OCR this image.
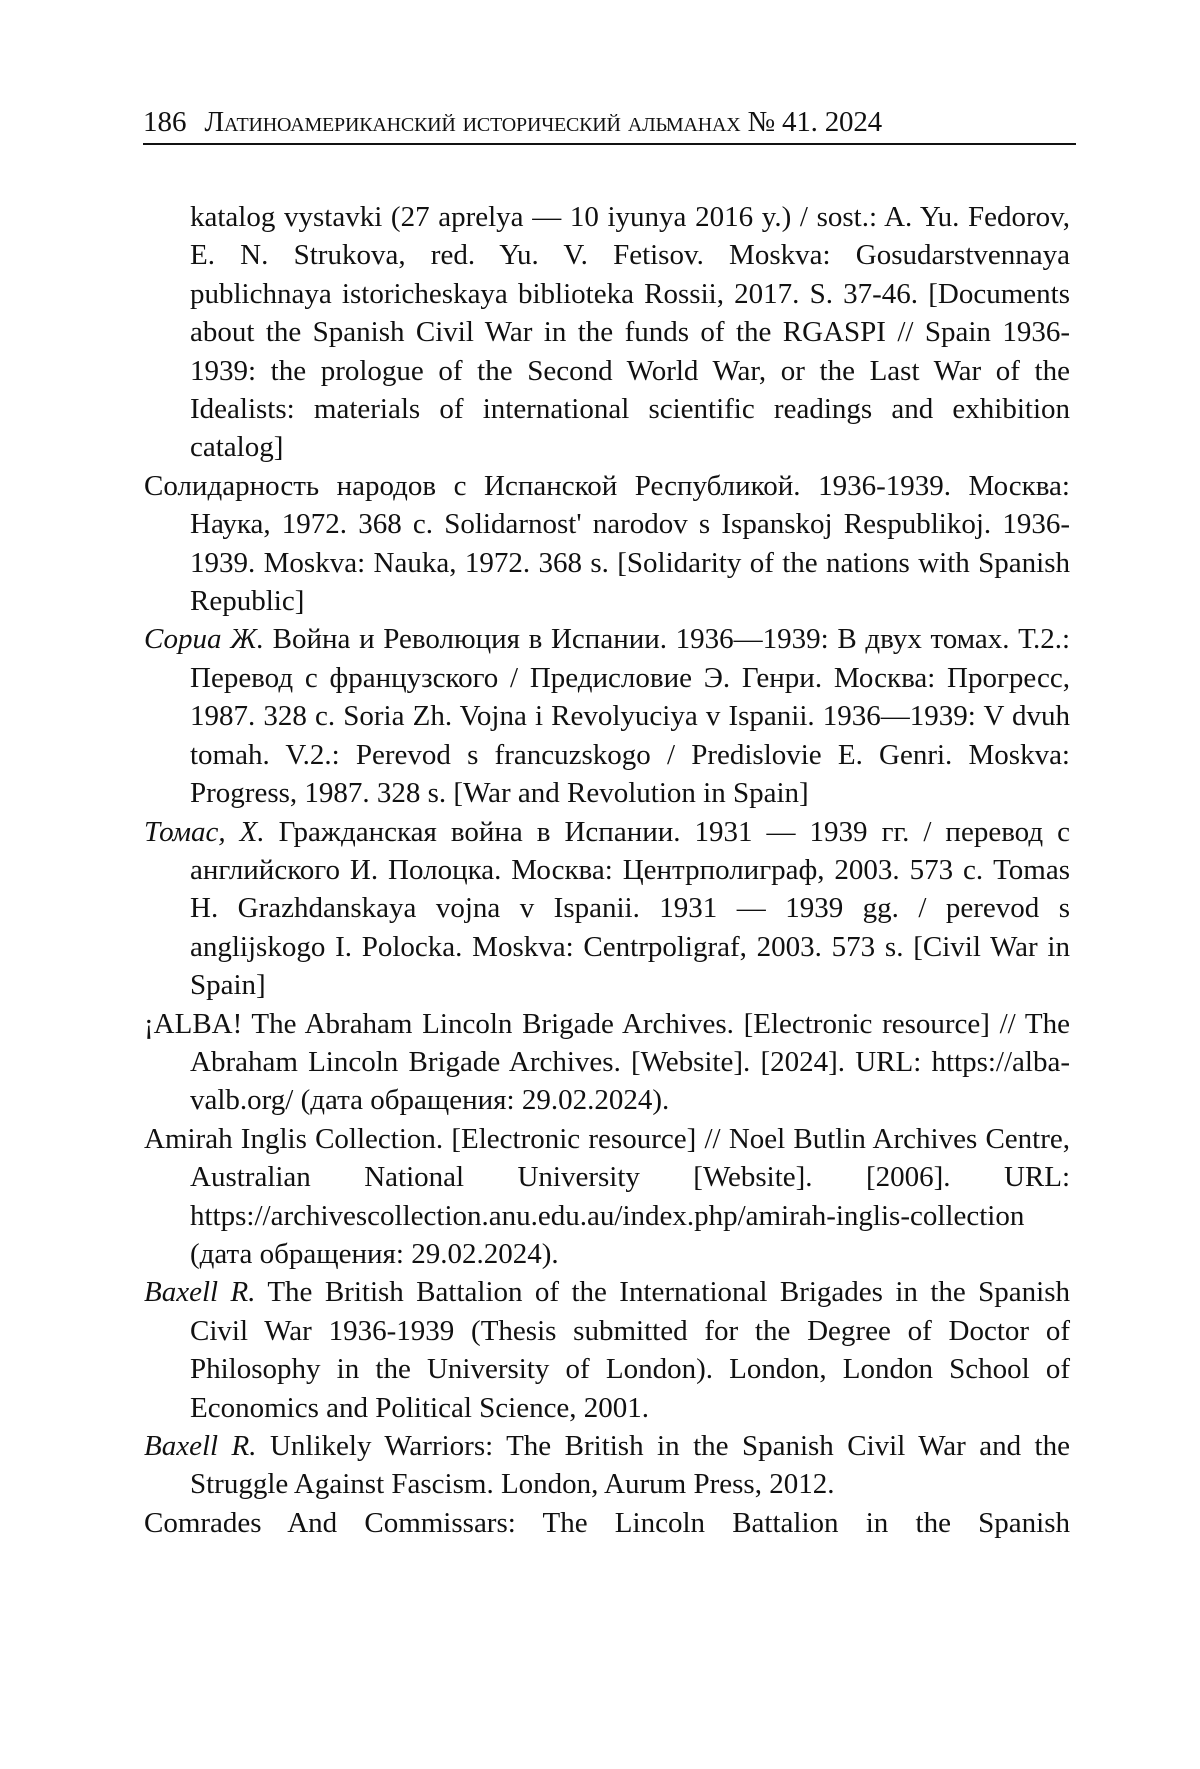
186 Латиноамериканский исторический альманах № 41. 2024

katalog vystavki (27 aprelya — 10 iyunya 2016 y.) / sost.: A. Yu. Fedorov, E. N. Strukova, red. Yu. V. Fetisov. Moskva: Gosudarstvennaya publichnaya istoricheskaya biblioteka Rossii, 2017. S. 37-46. [Documents about the Spanish Civil War in the funds of the RGASPI // Spain 1936-1939: the prologue of the Second World War, or the Last War of the Idealists: materials of international scientific readings and exhibition catalog]

Солидарность народов с Испанской Республикой. 1936-1939. Москва: Наука, 1972. 368 с. Solidarnost' narodov s Ispanskoj Respublikoj. 1936-1939. Moskva: Nauka, 1972. 368 s. [Solidarity of the nations with Spanish Republic]

Сориа Ж. Война и Революция в Испании. 1936—1939: В двух томах. Т.2.: Перевод с французского / Предисловие Э. Генри. Москва: Прогресс, 1987. 328 с. Soria Zh. Vojna i Revolyuciya v Ispanii. 1936—1939: V dvuh tomah. V.2.: Perevod s francuzskogo / Predislovie E. Genri. Moskva: Progress, 1987. 328 s. [War and Revolution in Spain]

Томас, Х. Гражданская война в Испании. 1931 — 1939 гг. / перевод с английского И. Полоцка. Москва: Центрполиграф, 2003. 573 с. Tomas H. Grazhdanskaya vojna v Ispanii. 1931 — 1939 gg. / perevod s anglijskogo I. Polocka. Moskva: Centrpoligraf, 2003. 573 s. [Civil War in Spain]

¡ALBA! The Abraham Lincoln Brigade Archives. [Electronic resource] // The Abraham Lincoln Brigade Archives. [Website]. [2024]. URL: https://alba-valb.org/ (дата обращения: 29.02.2024).

Amirah Inglis Collection. [Electronic resource] // Noel Butlin Archives Centre, Australian National University [Website]. [2006]. URL: https://archivescollection.anu.edu.au/index.php/amirah-inglis-collection (дата обращения: 29.02.2024).

Baxell R. The British Battalion of the International Brigades in the Spanish Civil War 1936-1939 (Thesis submitted for the Degree of Doctor of Philosophy in the University of London). London, London School of Economics and Political Science, 2001.

Baxell R. Unlikely Warriors: The British in the Spanish Civil War and the Struggle Against Fascism. London, Aurum Press, 2012.

Comrades And Commissars: The Lincoln Battalion in the Spanish
